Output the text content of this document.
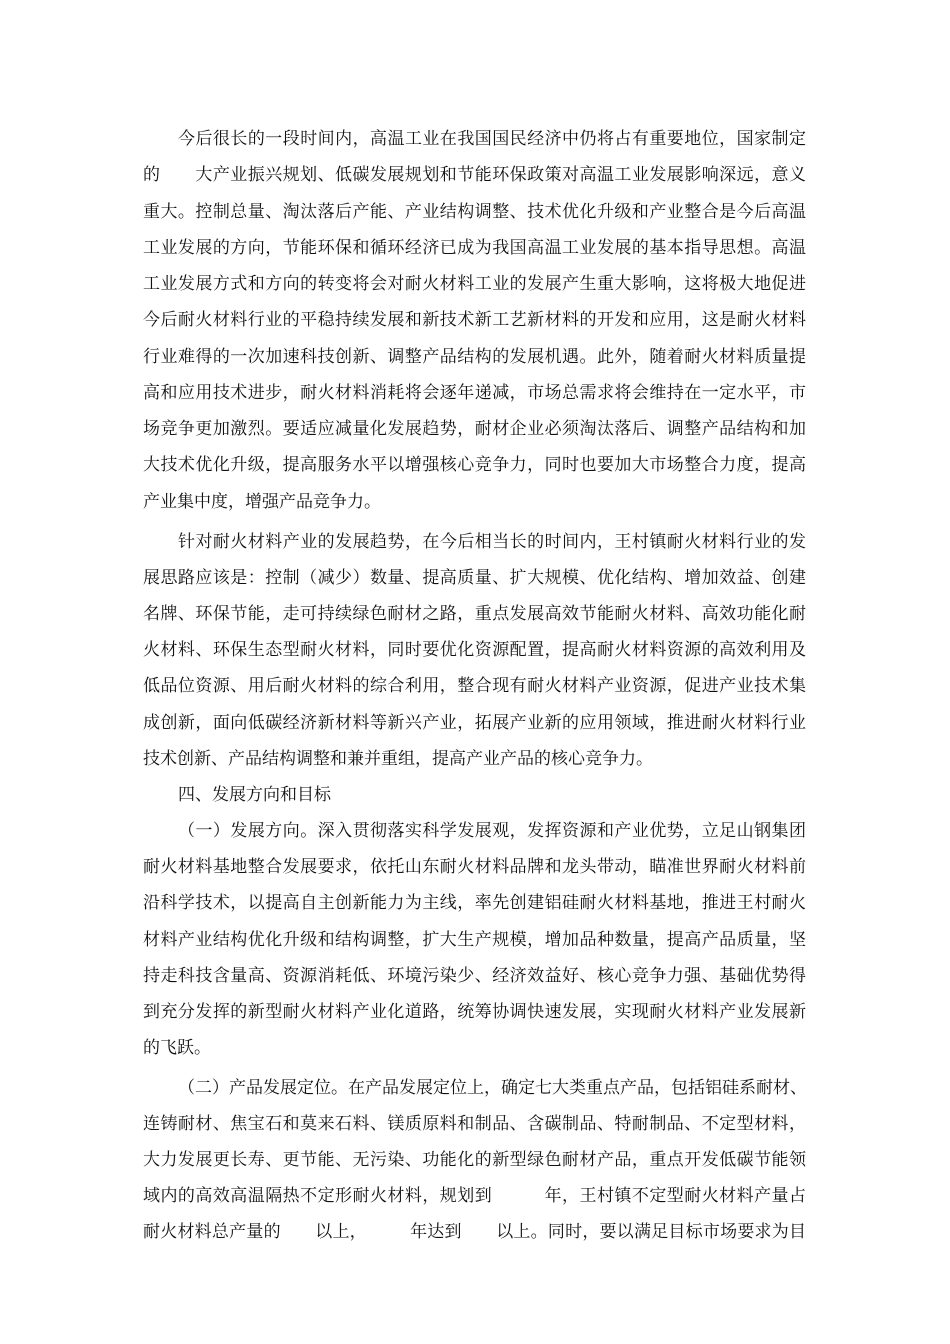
今后很长的一段时间内，高温工业在我国国民经济中仍将占有重要地位，国家制定
的　　大产业振兴规划、低碳发展规划和节能环保政策对高温工业发展影响深远，意义
重大。控制总量、淘汰落后产能、产业结构调整、技术优化升级和产业整合是今后高温
工业发展的方向，节能环保和循环经济已成为我国高温工业发展的基本指导思想。高温
工业发展方式和方向的转变将会对耐火材料工业的发展产生重大影响，这将极大地促进
今后耐火材料行业的平稳持续发展和新技术新工艺新材料的开发和应用，这是耐火材料
行业难得的一次加速科技创新、调整产品结构的发展机遇。此外，随着耐火材料质量提
高和应用技术进步，耐火材料消耗将会逐年递减，市场总需求将会维持在一定水平，市
场竞争更加激烈。要适应减量化发展趋势，耐材企业必须淘汰落后、调整产品结构和加
大技术优化升级，提高服务水平以增强核心竞争力，同时也要加大市场整合力度，提高
产业集中度，增强产品竞争力。
针对耐火材料产业的发展趋势，在今后相当长的时间内，王村镇耐火材料行业的发
展思路应该是：控制（减少）数量、提高质量、扩大规模、优化结构、增加效益、创建
名牌、环保节能，走可持续绿色耐材之路，重点发展高效节能耐火材料、高效功能化耐
火材料、环保生态型耐火材料，同时要优化资源配置，提高耐火材料资源的高效利用及
低品位资源、用后耐火材料的综合利用，整合现有耐火材料产业资源，促进产业技术集
成创新，面向低碳经济新材料等新兴产业，拓展产业新的应用领域，推进耐火材料行业
技术创新、产品结构调整和兼并重组，提高产业产品的核心竞争力。
四、发展方向和目标
（一）发展方向。深入贯彻落实科学发展观，发挥资源和产业优势，立足山钢集团
耐火材料基地整合发展要求，依托山东耐火材料品牌和龙头带动，瞄准世界耐火材料前
沿科学技术，以提高自主创新能力为主线，率先创建铝硅耐火材料基地，推进王村耐火
材料产业结构优化升级和结构调整，扩大生产规模，增加品种数量，提高产品质量，坚
持走科技含量高、资源消耗低、环境污染少、经济效益好、核心竞争力强、基础优势得
到充分发挥的新型耐火材料产业化道路，统筹协调快速发展，实现耐火材料产业发展新
的飞跃。
（二）产品发展定位。在产品发展定位上，确定七大类重点产品，包括铝硅系耐材、
连铸耐材、焦宝石和莫来石料、镁质原料和制品、含碳制品、特耐制品、不定型材料，
大力发展更长寿、更节能、无污染、功能化的新型绿色耐材产品，重点开发低碳节能领
域内的高效高温隔热不定形耐火材料，规划到　　　年，王村镇不定型耐火材料产量占
耐火材料总产量的　　以上，　　　年达到　　以上。同时，要以满足目标市场要求为目
